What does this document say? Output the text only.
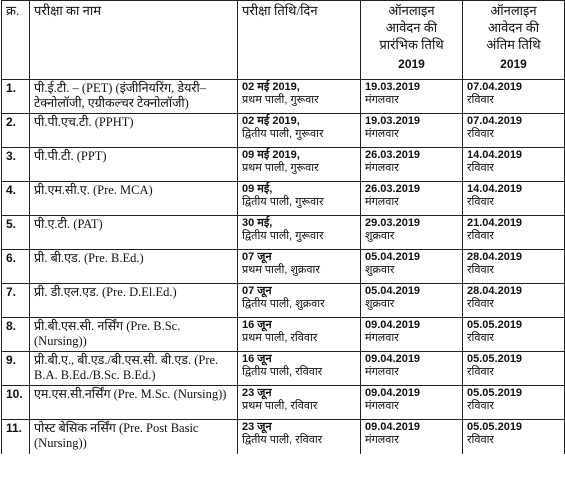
क्र.	परीक्षा का नाम	परीक्षा तिथि/दिन	ऑनलाइन
आवेदन की
प्रारंभिक तिथि
2019	ऑनलाइन
आवेदन की
अंतिम तिथि
2019

1.	पी.ई.टी. – (PET) (इंजीनियरिंग, डेयरी– टेक्नोलॉजी, एग्रीकल्चर टेक्नोलॉजी)	02 मई 2019,
प्रथम पाली, गुरूवार	19.03.2019
मंगलवार	07.04.2019
रविवार

2.	पी.पी.एच.टी. (PPHT)	02 मई 2019,
द्वितीय पाली, गुरूवार	19.03.2019
मंगलवार	07.04.2019
रविवार

3.	पी.पी.टी. (PPT)	09 मई 2019,
प्रथम पाली, गुरूवार	26.03.2019
मंगलवार	14.04.2019
रविवार

4.	प्री.एम.सी.ए. (Pre. MCA)	09 मई,
द्वितीय पाली, गुरूवार	26.03.2019
मंगलवार	14.04.2019
रविवार

5.	पी.ए.टी. (PAT)	30 मई,
द्वितीय पाली, गुरूवार	29.03.2019
शुक्रवार	21.04.2019
रविवार

6.	प्री. बी.एड. (Pre. B.Ed.)	07 जून
प्रथम पाली, शुक्रवार	05.04.2019
शुक्रवार	28.04.2019
रविवार

7.	प्री. डी.एल.एड. (Pre. D.El.Ed.)	07 जून
द्वितीय पाली, शुक्रवार	05.04.2019
शुक्रवार	28.04.2019
रविवार

8.	प्री.बी.एस.सी. नर्सिंग (Pre. B.Sc. (Nursing))	16 जून
प्रथम पाली, रविवार	09.04.2019
मंगलवार	05.05.2019
रविवार

9.	प्री.बी.ए., बी.एड./बी.एस.सी. बी.एड. (Pre. B.A. B.Ed./B.Sc. B.Ed.)	16 जून
द्वितीय पाली, रविवार	09.04.2019
मंगलवार	05.05.2019
रविवार

10.	एम.एस.सी.नर्सिंग (Pre. M.Sc. (Nursing))	23 जून
प्रथम पाली, रविवार	09.04.2019
मंगलवार	05.05.2019
रविवार

11.	पोस्ट बेसिक नर्सिंग (Pre. Post Basic (Nursing))	23 जून
द्वितीय पाली, रविवार	09.04.2019
मंगलवार	05.05.2019
रविवार
